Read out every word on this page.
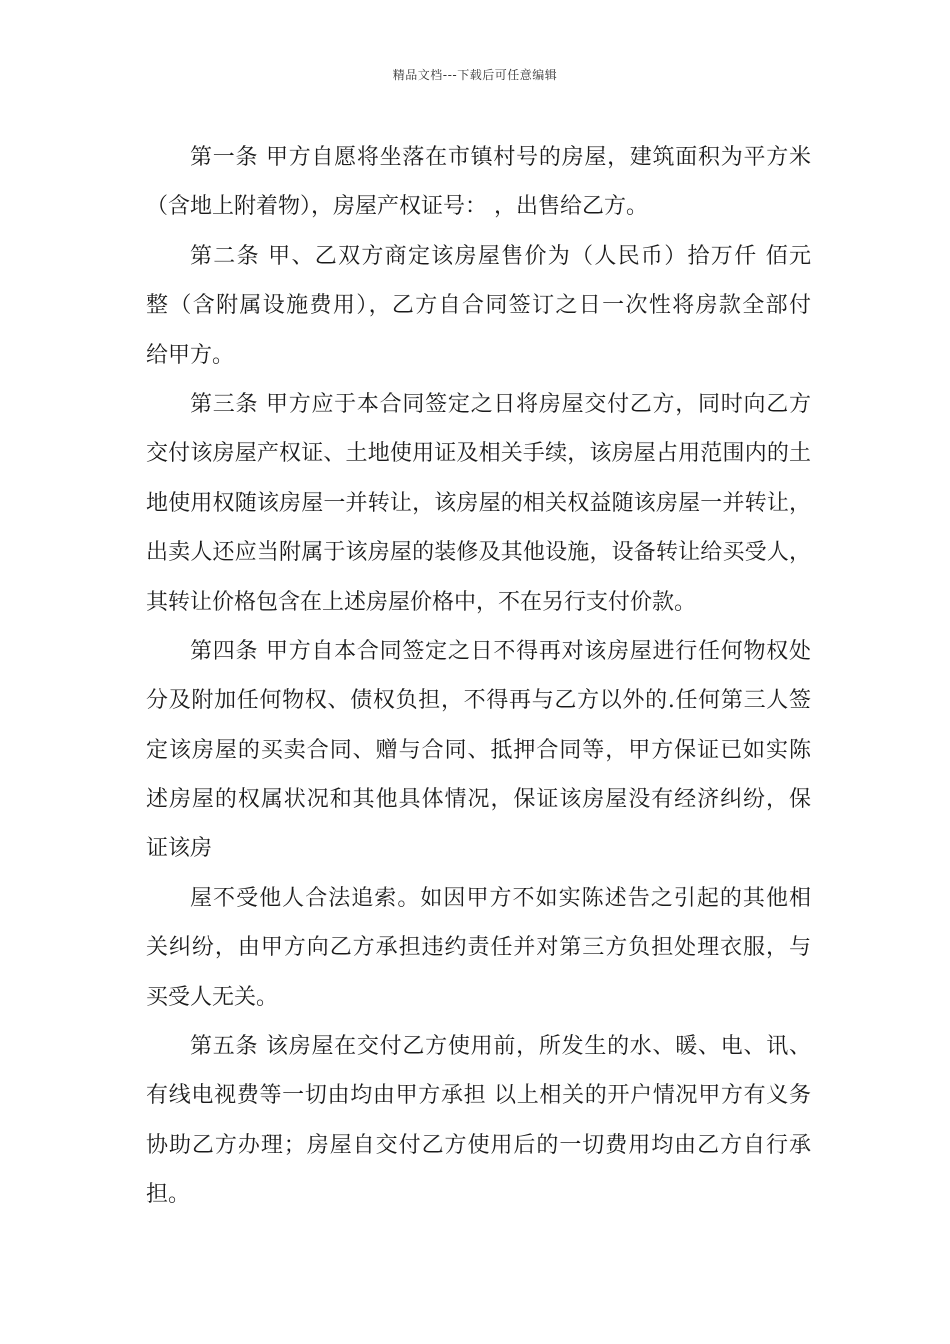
精品文档---下载后可任意编辑
第一条 甲方自愿将坐落在市镇村号的房屋，建筑面积为平方米
（含地上附着物），房屋产权证号： ，出售给乙方。
第二条 甲、乙双方商定该房屋售价为（人民币）拾万仟 佰元
整（含附属设施费用），乙方自合同签订之日一次性将房款全部付
给甲方。
第三条 甲方应于本合同签定之日将房屋交付乙方，同时向乙方
交付该房屋产权证、土地使用证及相关手续，该房屋占用范围内的土
地使用权随该房屋一并转让，该房屋的相关权益随该房屋一并转让，
出卖人还应当附属于该房屋的装修及其他设施，设备转让给买受人，
其转让价格包含在上述房屋价格中，不在另行支付价款。
第四条 甲方自本合同签定之日不得再对该房屋进行任何物权处
分及附加任何物权、债权负担，不得再与乙方以外的.任何第三人签
定该房屋的买卖合同、赠与合同、抵押合同等，甲方保证已如实陈
述房屋的权属状况和其他具体情况，保证该房屋没有经济纠纷，保
证该房
屋不受他人合法追索。如因甲方不如实陈述告之引起的其他相
关纠纷，由甲方向乙方承担违约责任并对第三方负担处理衣服，与
买受人无关。
第五条 该房屋在交付乙方使用前，所发生的水、暖、电、讯、
有线电视费等一切由均由甲方承担 以上相关的开户情况甲方有义务
协助乙方办理；房屋自交付乙方使用后的一切费用均由乙方自行承
担。
